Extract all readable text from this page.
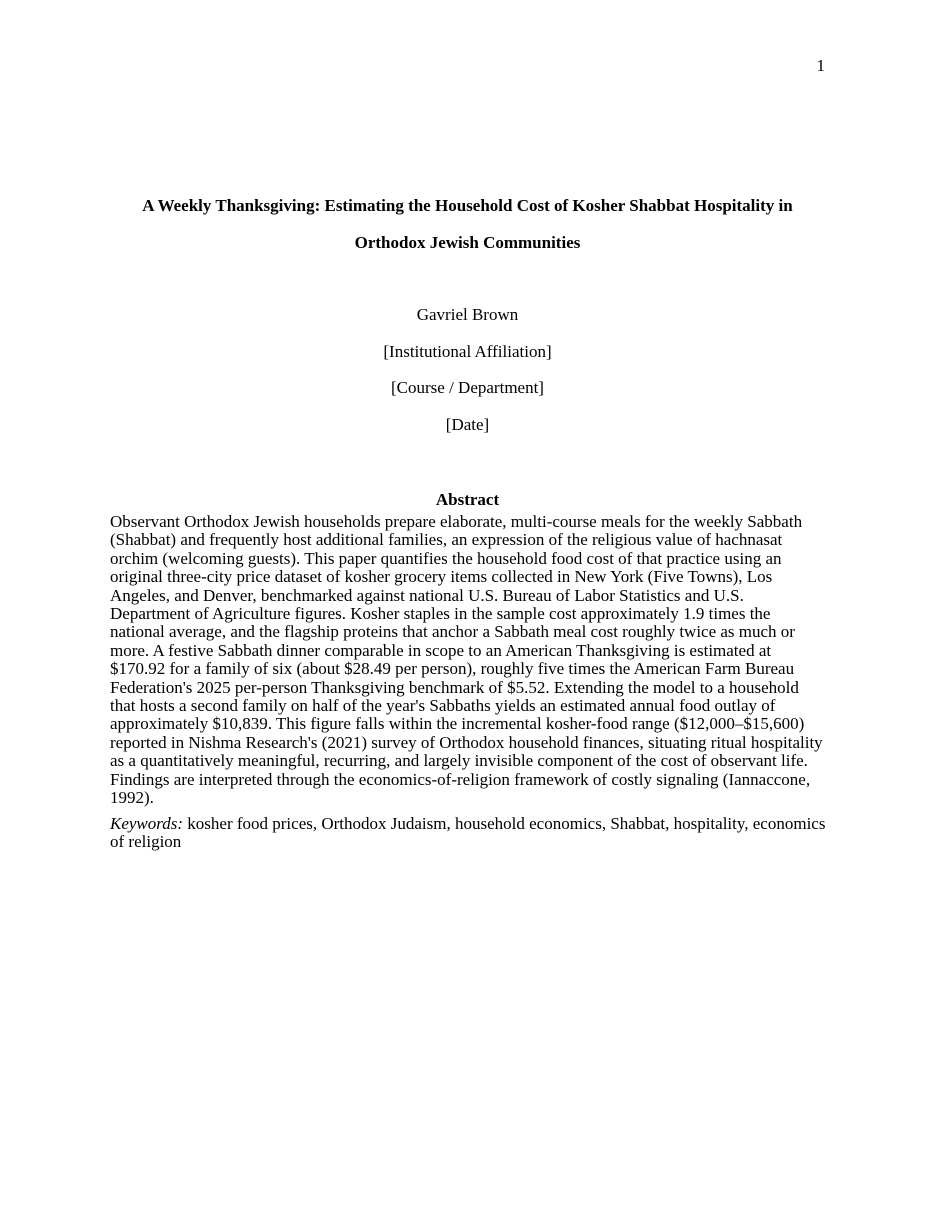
1
A Weekly Thanksgiving: Estimating the Household Cost of Kosher Shabbat Hospitality in Orthodox Jewish Communities
Gavriel Brown
[Institutional Affiliation]
[Course / Department]
[Date]
Abstract

Observant Orthodox Jewish households prepare elaborate, multi-course meals for the weekly Sabbath (Shabbat) and frequently host additional families, an expression of the religious value of hachnasat orchim (welcoming guests). This paper quantifies the household food cost of that practice using an original three-city price dataset of kosher grocery items collected in New York (Five Towns), Los Angeles, and Denver, benchmarked against national U.S. Bureau of Labor Statistics and U.S. Department of Agriculture figures. Kosher staples in the sample cost approximately 1.9 times the national average, and the flagship proteins that anchor a Sabbath meal cost roughly twice as much or more. A festive Sabbath dinner comparable in scope to an American Thanksgiving is estimated at $170.92 for a family of six (about $28.49 per person), roughly five times the American Farm Bureau Federation's 2025 per-person Thanksgiving benchmark of $5.52. Extending the model to a household that hosts a second family on half of the year's Sabbaths yields an estimated annual food outlay of approximately $10,839. This figure falls within the incremental kosher-food range ($12,000–$15,600) reported in Nishma Research's (2021) survey of Orthodox household finances, situating ritual hospitality as a quantitatively meaningful, recurring, and largely invisible component of the cost of observant life. Findings are interpreted through the economics-of-religion framework of costly signaling (Iannaccone, 1992).

Keywords: kosher food prices, Orthodox Judaism, household economics, Shabbat, hospitality, economics of religion
